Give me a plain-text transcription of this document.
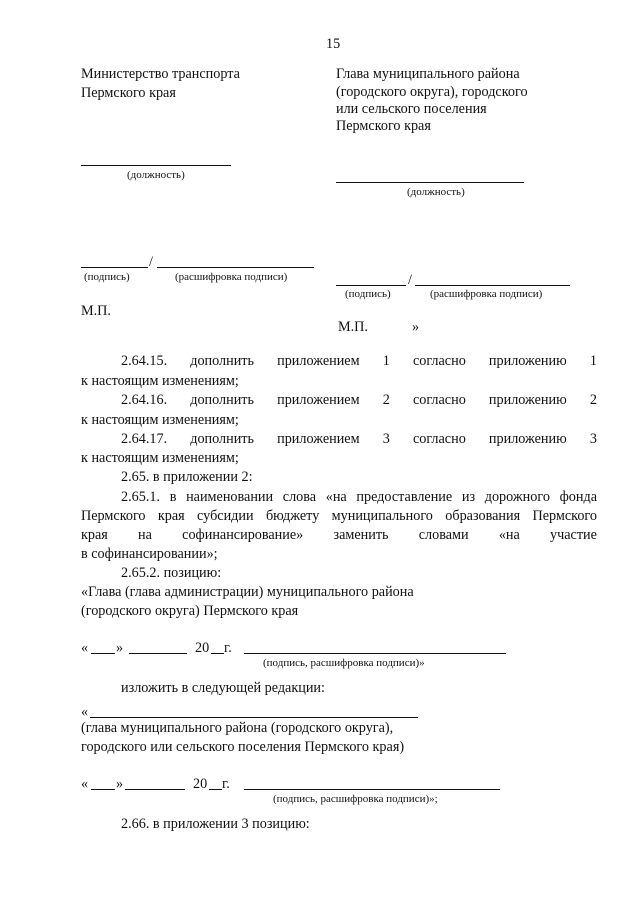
15
Министерство транспорта
Пермского края
(должность)
/
(подпись)	(расшифровка подписи)
М.П.
Глава муниципального района
(городского округа), городского
или сельского поселения
Пермского края
(должность)
/
(подпись)	(расшифровка подписи)
М.П.	»
2.64.15. дополнить приложением 1 согласно приложению 1
к настоящим изменениям;
2.64.16. дополнить приложением 2 согласно приложению 2
к настоящим изменениям;
2.64.17. дополнить приложением 3 согласно приложению 3
к настоящим изменениям;
2.65. в приложении 2:
2.65.1. в наименовании слова «на предоставление из дорожного фонда
Пермского края субсидии бюджету муниципального образования Пермского
края на софинансирование» заменить словами «на участие
в софинансировании»;
2.65.2. позицию:
«Глава (глава администрации) муниципального района
(городского округа) Пермского края
« »	20 г.
(подпись, расшифровка подписи)»
изложить в следующей редакции:
«
(глава муниципального района (городского округа),
городского или сельского поселения Пермского края)
« »	20 г.
(подпись, расшифровка подписи)»;
2.66. в приложении 3 позицию:
